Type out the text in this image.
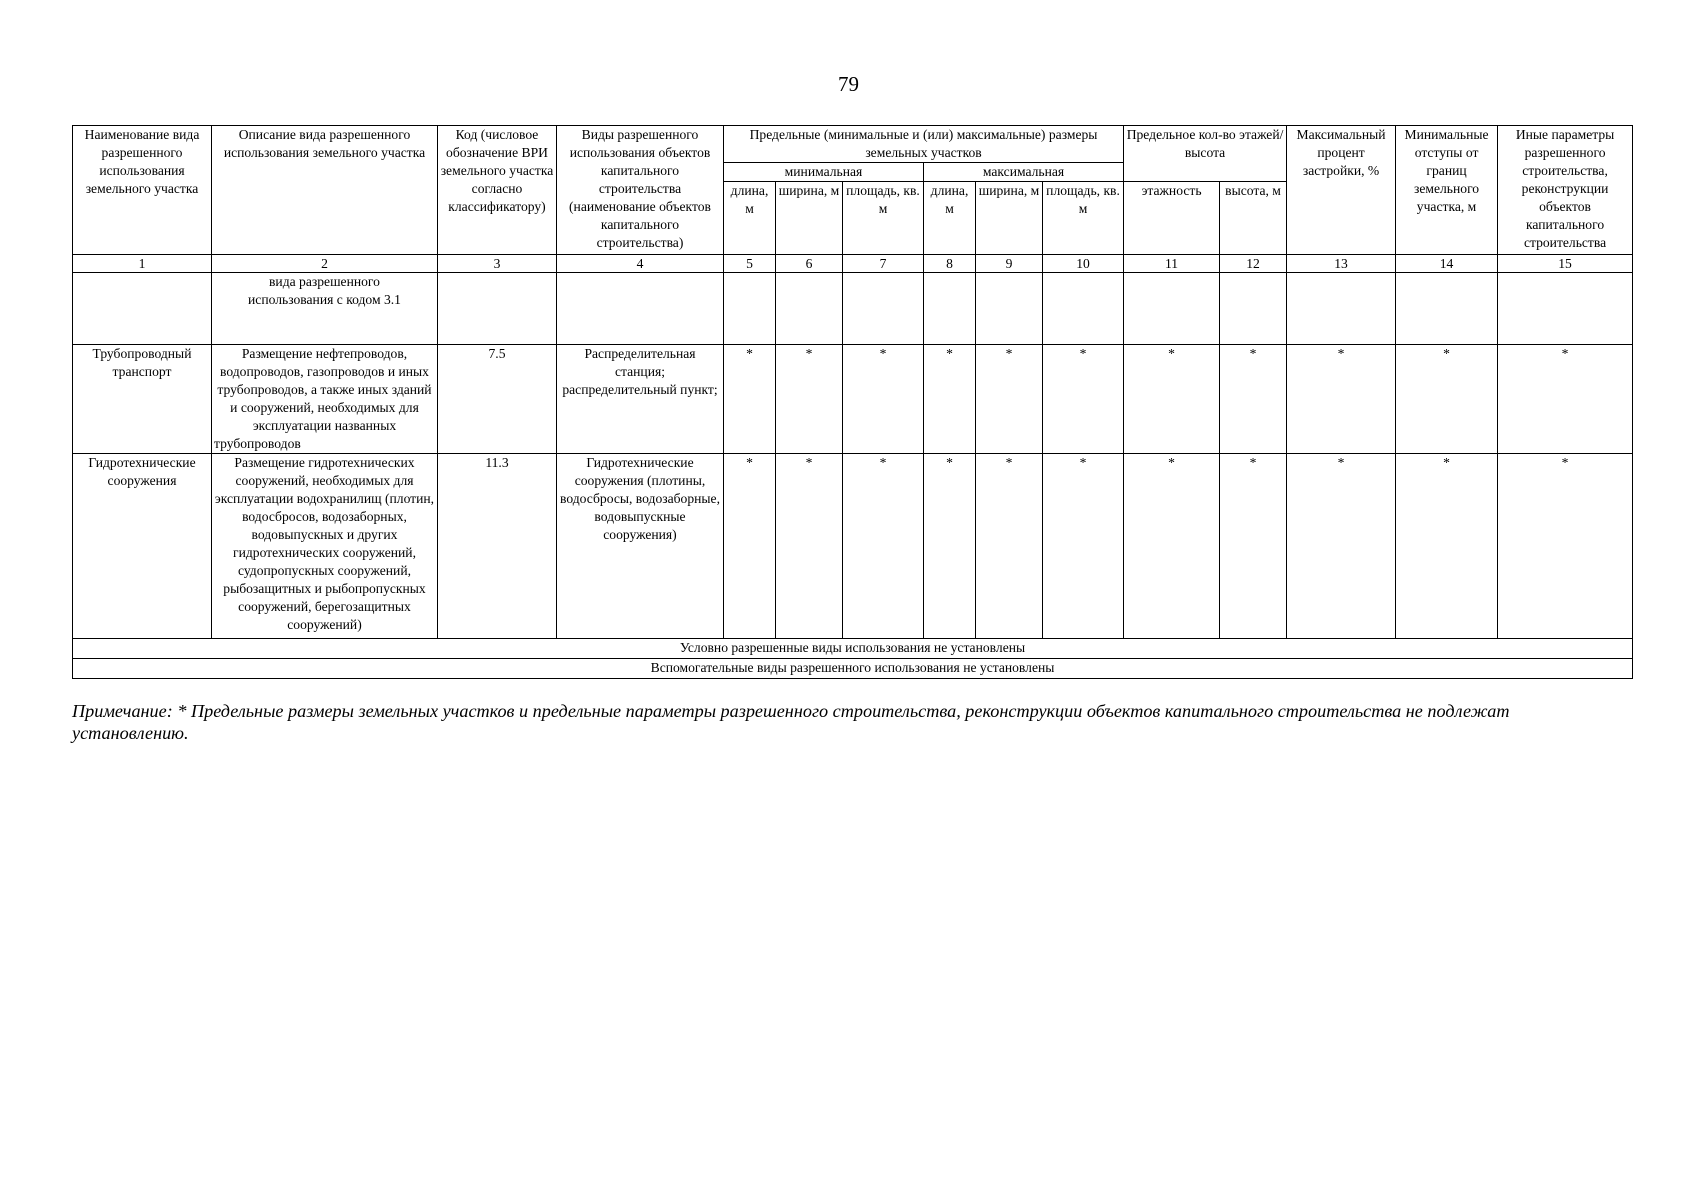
79
Наименование вида разрешенного использования земельного участка	Описание вида разрешенного использования земельного участка	Код (числовое обозначение ВРИ земельного участка согласно классификатору)	Виды разрешенного использования объектов капитального строительства (наименование объектов капитального строительства)	Предельные (минимальные и (или) максимальные) размеры земельных участков						Предельное кол-во этажей/высота		Максимальный процент застройки, %	Минимальные отступы от границ земельного участка, м	Иные параметры разрешенного строительства, реконструкции объектов капитального строительства
				минимальная			максимальная							
				длина, м	ширина, м	площадь, кв. м	длина, м	ширина, м	площадь, кв. м	этажность	высота, м			
1	2	3	4	5	6	7	8	9	10	11	12	13	14	15
	вида разрешенного использования с кодом 3.1													
Трубопроводный транспорт	Размещение нефтепроводов, водопроводов, газопроводов и иных трубопроводов, а также иных зданий и сооружений, необходимых для эксплуатации названных трубопроводов	7.5	Распределительная станция; распределительный пункт;	*	*	*	*	*	*	*	*	*	*	*
Гидротехнические сооружения	Размещение гидротехнических сооружений, необходимых для эксплуатации водохранилищ (плотин, водосбросов, водозаборных, водовыпускных и других гидротехнических сооружений, судопропускных сооружений, рыбозащитных и рыбопропускных сооружений, берегозащитных сооружений)	11.3	Гидротехнические сооружения (плотины, водосбросы, водозаборные, водовыпускные сооружения)	*	*	*	*	*	*	*	*	*	*	*
Условно разрешенные виды использования не установлены														
Вспомогательные виды разрешенного использования не установлены														
Примечание: * Предельные размеры земельных участков и предельные параметры разрешенного строительства, реконструкции объектов капитального строительства не подлежат установлению.
